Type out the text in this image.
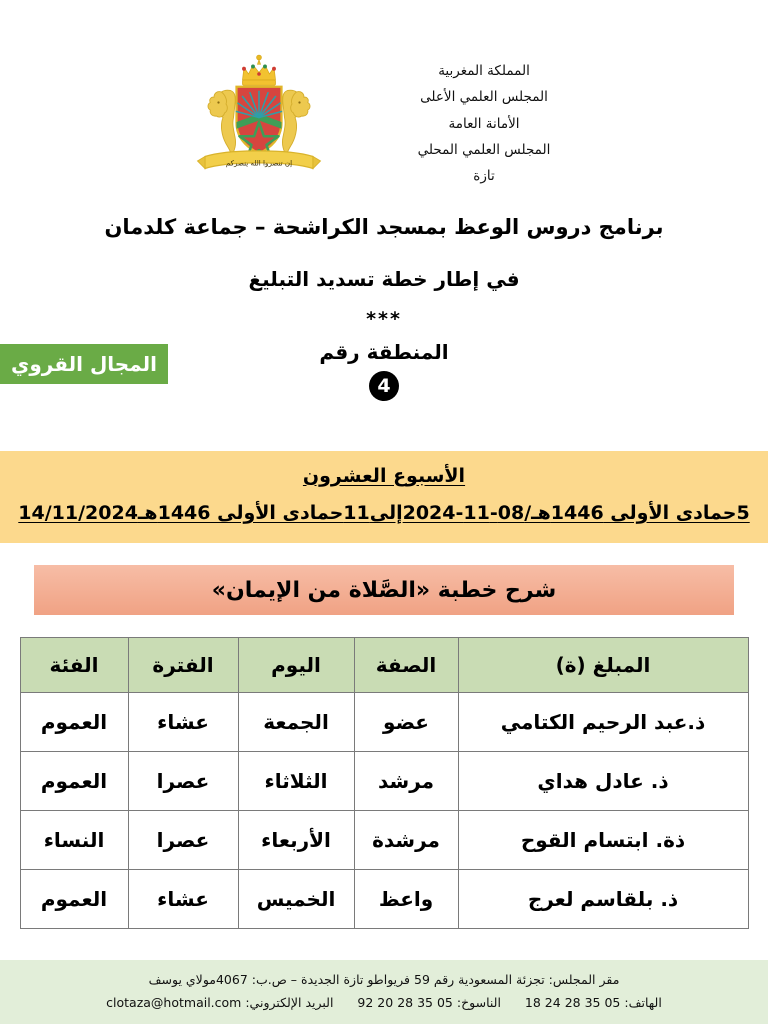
المملكة المغربية
المجلس العلمي الأعلى
الأمانة العامة
المجلس العلمي المحلي
تازة
إن تنصروا الله ينصركم
برنامج دروس الوعظ بمسجد الكراشحة – جماعة كلدمان
في إطار خطة تسديد التبليغ
***
المنطقة رقم
4
المجال القروي
الأسبوع العشرون
5حمادى الأولى 1446هـ/08-11-2024إلى11حمادى الأولى 1446هـ14/11/2024
شرح خطبة «الصَّلاة من الإيمان»
المبلغ (ة)	الصفة	اليوم	الفترة	الفئة
ذ.عبد الرحيم الكتامي	عضو	الجمعة	عشاء	العموم
ذ. عادل هداي	مرشد	الثلاثاء	عصرا	العموم
ذة. ابتسام القوح	مرشدة	الأربعاء	عصرا	النساء
ذ. بلقاسم لعرج	واعظ	الخميس	عشاء	العموم
مقر المجلس: تجزئة المسعودية رقم 59 فريواطو تازة الجديدة – ص.ب: 4067مولاي يوسف
الهاتف: 05 35 28 24 18  الناسوخ: 05 35 28 20 92  البريد الإلكتروني: clotaza@hotmail.com
